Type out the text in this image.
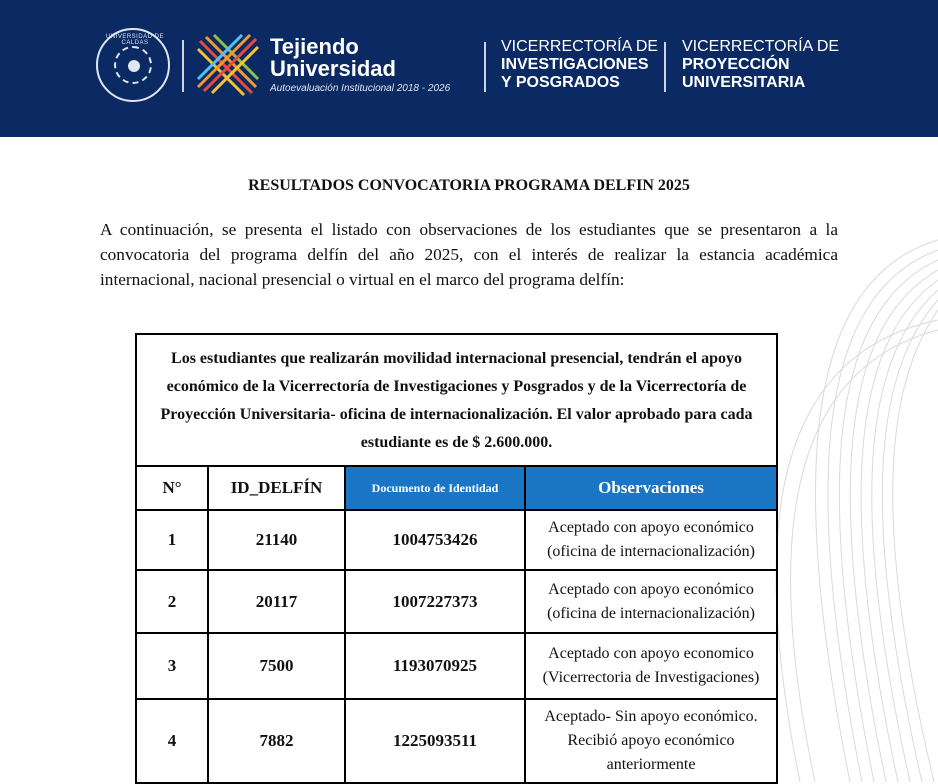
UNIVERSIDAD DE CALDAS	Tejiendo
Universidad
Autoevaluación Institucional 2018 - 2026
VICERRECTORÍA DE
INVESTIGACIONES
Y POSGRADOS
VICERRECTORÍA DE
PROYECCIÓN
UNIVERSITARIA
RESULTADOS CONVOCATORIA PROGRAMA DELFIN 2025
A continuación, se presenta el listado con observaciones de los estudiantes que se presentaron a la convocatoria del programa delfín del año 2025, con el interés de realizar la estancia académica internacional, nacional presencial o virtual en el marco del programa delfín:
Los estudiantes que realizarán movilidad internacional presencial, tendrán el apoyo económico de la Vicerrectoría de Investigaciones y Posgrados y de la Vicerrectoría de Proyección Universitaria- oficina de internacionalización. El valor aprobado para cada estudiante es de $ 2.600.000.			
N°	ID_DELFÍN	Documento de Identidad	Observaciones
1	21140	1004753426	Aceptado con apoyo económico
(oficina de internacionalización)

2	20117	1007227373	Aceptado con apoyo económico
(oficina de internacionalización)

3	7500	1193070925	Aceptado con apoyo economico
(Vicerrectoria de Investigaciones)

4	7882	1225093511	Aceptado- Sin apoyo económico.
Recibió apoyo económico
anteriormente
